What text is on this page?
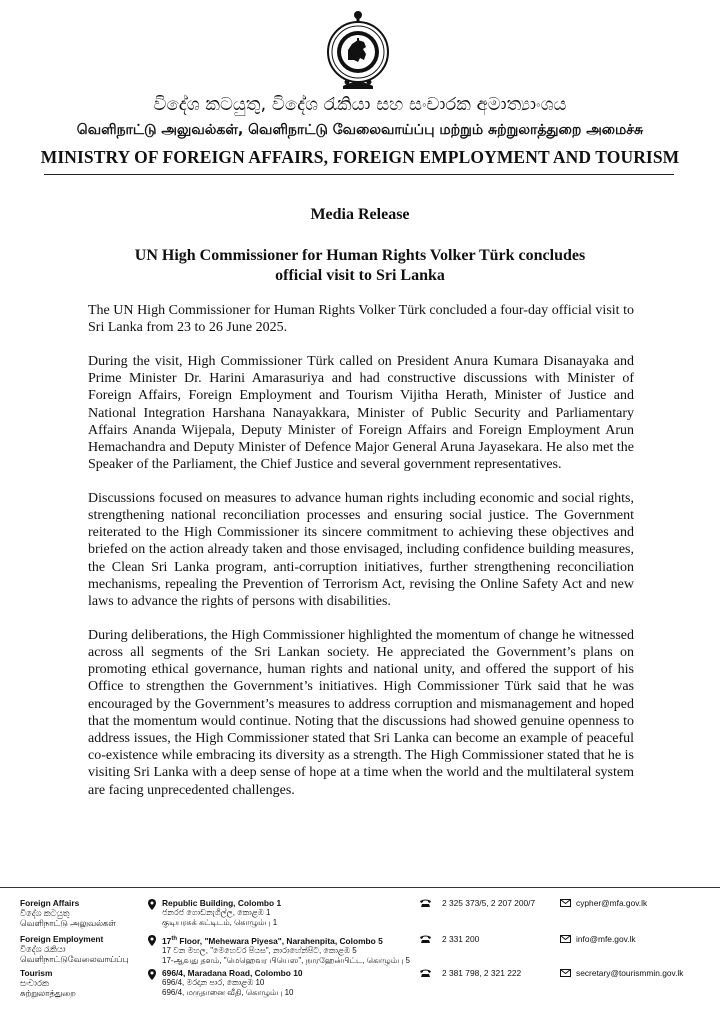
විදේශ කටයුතු, විදේශ රැකියා සහ සංචාරක අමාත්‍යාංශය
வெளிநாட்டு அலுவல்கள், வெளிநாட்டு வேலைவாய்ப்பு மற்றும் சுற்றுலாத்துறை அமைச்சு
MINISTRY OF FOREIGN AFFAIRS, FOREIGN EMPLOYMENT AND TOURISM
Media Release
UN High Commissioner for Human Rights Volker Türk concludes
official visit to Sri Lanka

The UN High Commissioner for Human Rights Volker Türk concluded a four-day official visit to Sri Lanka from 23 to 26 June 2025.

During the visit, High Commissioner Türk called on President Anura Kumara Disanayaka and Prime Minister Dr. Harini Amarasuriya and had constructive discussions with Minister of Foreign Affairs, Foreign Employment and Tourism Vijitha Herath, Minister of Justice and National Integration Harshana Nanayakkara, Minister of Public Security and Parliamentary Affairs Ananda Wijepala, Deputy Minister of Foreign Affairs and Foreign Employment Arun Hemachandra and Deputy Minister of Defence Major General Aruna Jayasekara. He also met the Speaker of the Parliament, the Chief Justice and several government representatives.

Discussions focused on measures to advance human rights including economic and social rights, strengthening national reconciliation processes and ensuring social justice. The Government reiterated to the High Commissioner its sincere commitment to achieving these objectives and briefed on the action already taken and those envisaged, including confidence building measures, the Clean Sri Lanka program, anti-corruption initiatives, further strengthening reconciliation mechanisms, repealing the Prevention of Terrorism Act, revising the Online Safety Act and new laws to advance the rights of persons with disabilities.

During deliberations, the High Commissioner highlighted the momentum of change he witnessed across all segments of the Sri Lankan society. He appreciated the Government’s plans on promoting ethical governance, human rights and national unity, and offered the support of his Office to strengthen the Government’s initiatives. High Commissioner Türk said that he was encouraged by the Government’s measures to address corruption and mismanagement and hoped that the momentum would continue. Noting that the discussions had showed genuine openness to address issues, the High Commissioner stated that Sri Lanka can become an example of peaceful co-existence while embracing its diversity as a strength. The High Commissioner stated that he is visiting Sri Lanka with a deep sense of hope at a time when the world and the multilateral system are facing unprecedented challenges.

Foreign Affairs
විදේශ කටයුතු
வெளிநாட்டு அலுவல்கள்
Republic Building, Colombo 1
ජනරජ ගොඩනැගිල්ල, කොළඹ 1
குடியரசுக் கட்டிடம், கொழும்பு 1
2 325 373/5, 2 207 200/7	cypher@mfa.gov.lk
Foreign Employment
විදේශ රැකියා
வெளிநாட்டுவேலைவாய்ப்பு
17th Floor, "Mehewara Piyesa", Narahenpita, Colombo 5
17 වන මහල, "මෙහෙවර පියස", නාරාහේන්පිට, කොළඹ 5
17-ஆவது தளம், "மெஹெவர பியெஸ", நாரஹேன்பிட்ட, கொழும்பு 5
2 331 200	info@mfe.gov.lk
Tourism
සංචාරක
சுற்றுலாத்துறை
696/4, Maradana Road, Colombo 10
696/4, මරදාන පාර, කොළඹ 10
696/4, மருதானை வீதி, கொழும்பு 10
2 381 798, 2 321 222	secretary@tourismmin.gov.lk
